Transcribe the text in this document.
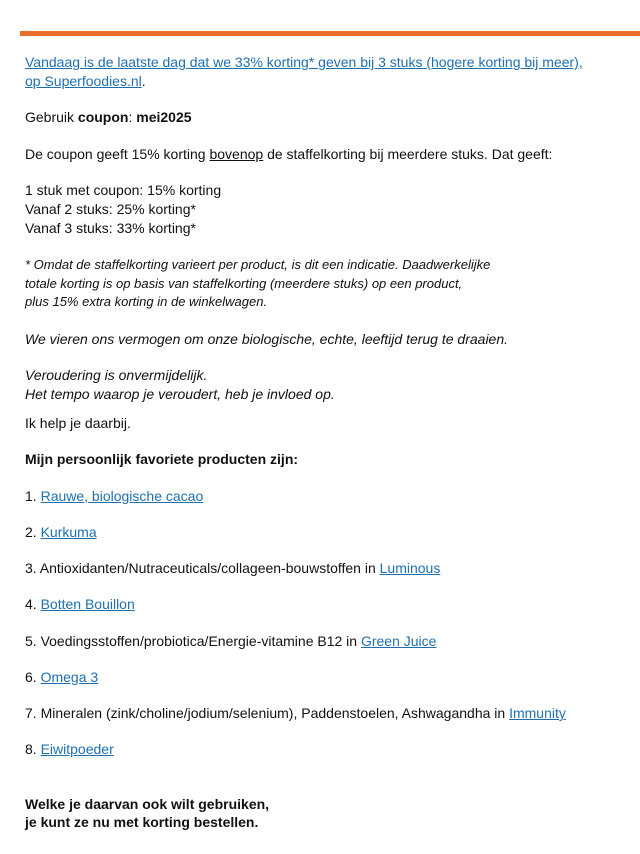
Vandaag is de laatste dag dat we 33% korting* geven bij 3 stuks (hogere korting bij meer),
op Superfoodies.nl.

Gebruik coupon: mei2025

De coupon geeft 15% korting bovenop de staffelkorting bij meerdere stuks. Dat geeft:

1 stuk met coupon: 15% korting
Vanaf 2 stuks: 25% korting*
Vanaf 3 stuks: 33% korting*

* Omdat de staffelkorting varieert per product, is dit een indicatie. Daadwerkelijke
totale korting is op basis van staffelkorting (meerdere stuks) op een product,
plus 15% extra korting in de winkelwagen.

We vieren ons vermogen om onze biologische, echte, leeftijd terug te draaien.

Veroudering is onvermijdelijk.
Het tempo waarop je veroudert, heb je invloed op.

Ik help je daarbij.

Mijn persoonlijk favoriete producten zijn:

1. Rauwe, biologische cacao

2. Kurkuma

3. Antioxidanten/Nutraceuticals/collageen-bouwstoffen in Luminous

4. Botten Bouillon

5. Voedingsstoffen/probiotica/Energie-vitamine B12 in Green Juice

6. Omega 3

7. Mineralen (zink/choline/jodium/selenium), Paddenstoelen, Ashwagandha in Immunity

8. Eiwitpoeder

Welke je daarvan ook wilt gebruiken,
je kunt ze nu met korting bestellen.
